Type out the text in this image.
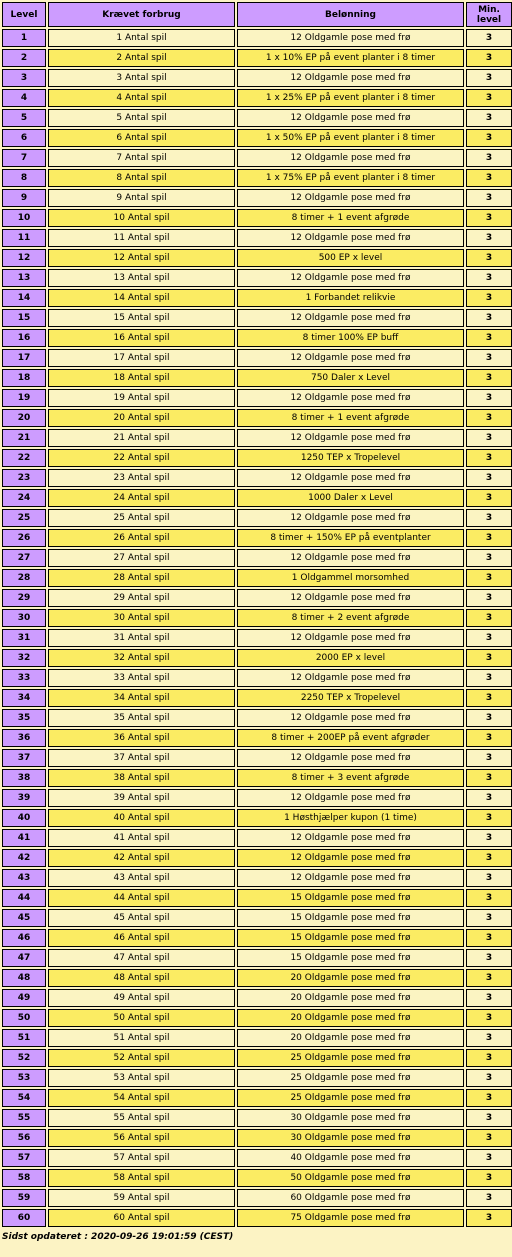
Level	Krævet forbrug	Belønning	Min. level
1	1 Antal spil	12 Oldgamle pose med frø	3
2	2 Antal spil	1 x 10% EP på event planter i 8 timer	3
3	3 Antal spil	12 Oldgamle pose med frø	3
4	4 Antal spil	1 x 25% EP på event planter i 8 timer	3
5	5 Antal spil	12 Oldgamle pose med frø	3
6	6 Antal spil	1 x 50% EP på event planter i 8 timer	3
7	7 Antal spil	12 Oldgamle pose med frø	3
8	8 Antal spil	1 x 75% EP på event planter i 8 timer	3
9	9 Antal spil	12 Oldgamle pose med frø	3
10	10 Antal spil	8 timer + 1 event afgrøde	3
11	11 Antal spil	12 Oldgamle pose med frø	3
12	12 Antal spil	500 EP x level	3
13	13 Antal spil	12 Oldgamle pose med frø	3
14	14 Antal spil	1 Forbandet relikvie	3
15	15 Antal spil	12 Oldgamle pose med frø	3
16	16 Antal spil	8 timer 100% EP buff	3
17	17 Antal spil	12 Oldgamle pose med frø	3
18	18 Antal spil	750 Daler x Level	3
19	19 Antal spil	12 Oldgamle pose med frø	3
20	20 Antal spil	8 timer + 1 event afgrøde	3
21	21 Antal spil	12 Oldgamle pose med frø	3
22	22 Antal spil	1250 TEP x Tropelevel	3
23	23 Antal spil	12 Oldgamle pose med frø	3
24	24 Antal spil	1000 Daler x Level	3
25	25 Antal spil	12 Oldgamle pose med frø	3
26	26 Antal spil	8 timer + 150% EP på eventplanter	3
27	27 Antal spil	12 Oldgamle pose med frø	3
28	28 Antal spil	1 Oldgammel morsomhed	3
29	29 Antal spil	12 Oldgamle pose med frø	3
30	30 Antal spil	8 timer + 2 event afgrøde	3
31	31 Antal spil	12 Oldgamle pose med frø	3
32	32 Antal spil	2000 EP x level	3
33	33 Antal spil	12 Oldgamle pose med frø	3
34	34 Antal spil	2250 TEP x Tropelevel	3
35	35 Antal spil	12 Oldgamle pose med frø	3
36	36 Antal spil	8 timer + 200EP på event afgrøder	3
37	37 Antal spil	12 Oldgamle pose med frø	3
38	38 Antal spil	8 timer + 3 event afgrøde	3
39	39 Antal spil	12 Oldgamle pose med frø	3
40	40 Antal spil	1 Høsthjælper kupon (1 time)	3
41	41 Antal spil	12 Oldgamle pose med frø	3
42	42 Antal spil	12 Oldgamle pose med frø	3
43	43 Antal spil	12 Oldgamle pose med frø	3
44	44 Antal spil	15 Oldgamle pose med frø	3
45	45 Antal spil	15 Oldgamle pose med frø	3
46	46 Antal spil	15 Oldgamle pose med frø	3
47	47 Antal spil	15 Oldgamle pose med frø	3
48	48 Antal spil	20 Oldgamle pose med frø	3
49	49 Antal spil	20 Oldgamle pose med frø	3
50	50 Antal spil	20 Oldgamle pose med frø	3
51	51 Antal spil	20 Oldgamle pose med frø	3
52	52 Antal spil	25 Oldgamle pose med frø	3
53	53 Antal spil	25 Oldgamle pose med frø	3
54	54 Antal spil	25 Oldgamle pose med frø	3
55	55 Antal spil	30 Oldgamle pose med frø	3
56	56 Antal spil	30 Oldgamle pose med frø	3
57	57 Antal spil	40 Oldgamle pose med frø	3
58	58 Antal spil	50 Oldgamle pose med frø	3
59	59 Antal spil	60 Oldgamle pose med frø	3
60	60 Antal spil	75 Oldgamle pose med frø	3
Sidst opdateret : 2020-09-26 19:01:59 (CEST)
